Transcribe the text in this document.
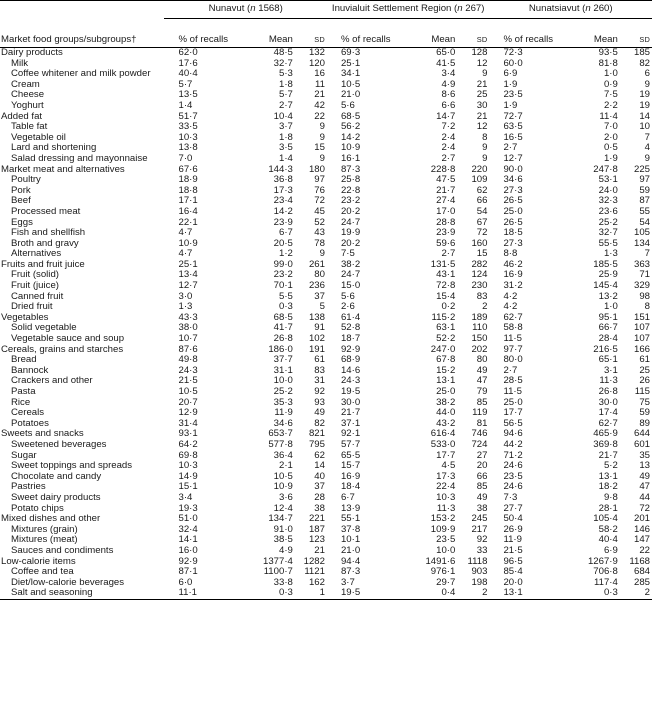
	Nunavut (n 1568)			Inuvialuit Settlement Region (n 267)			Nunatsiavut (n 260)		
Market food groups/subgroups†	% of recalls	Mean	SD	% of recalls	Mean	SD	% of recalls	Mean	SD
Dairy products	62·0	48·5	132	69·3	65·0	128	72·3	93·5	185
Milk	17·6	32·7	120	25·1	41·5	12	60·0	81·8	82
Coffee whitener and milk powder	40·4	5·3	16	34·1	3·4	9	6·9	1·0	6
Cream	5·7	1·8	11	10·5	4·9	21	1·9	0·9	9
Cheese	13·5	5·7	21	21·0	8·6	25	23·5	7·5	19
Yoghurt	1·4	2·7	42	5·6	6·6	30	1·9	2·2	19
Added fat	51·7	10·4	22	68·5	14·7	21	72·7	11·4	14
Table fat	33·5	3·7	9	56·2	7·2	12	63·5	7·0	10
Vegetable oil	10·3	1·8	9	14·2	2·4	8	16·5	2·0	7
Lard and shortening	13·8	3·5	15	10·9	2·4	9	2·7	0·5	4
Salad dressing and mayonnaise	7·0	1·4	9	16·1	2·7	9	12·7	1·9	9
Market meat and alternatives	67·6	144·3	180	87·3	228·8	220	90·0	247·8	225
Poultry	18·9	36·8	97	25·8	47·5	109	34·6	53·1	97
Pork	18·8	17·3	76	22·8	21·7	62	27·3	24·0	59
Beef	17·1	23·4	72	23·2	27·4	66	26·5	32·3	87
Processed meat	16·4	14·2	45	20·2	17·0	54	25·0	23·6	55
Eggs	22·1	23·9	52	24·7	28·8	67	26·5	25·2	54
Fish and shellfish	4·7	6·7	43	19·9	23·9	72	18·5	32·7	105
Broth and gravy	10·9	20·5	78	20·2	59·6	160	27·3	55·5	134
Alternatives	4·7	1·2	9	7·5	2·7	15	8·8	1·3	7
Fruits and fruit juice	25·1	99·0	261	38·2	131·5	282	46·2	185·5	363
Fruit (solid)	13·4	23·2	80	24·7	43·1	124	16·9	25·9	71
Fruit (juice)	12·7	70·1	236	15·0	72·8	230	31·2	145·4	329
Canned fruit	3·0	5·5	37	5·6	15·4	83	4·2	13·2	98
Dried fruit	1·3	0·3	5	2·6	0·2	2	4·2	1·0	8
Vegetables	43·3	68·5	138	61·4	115·2	189	62·7	95·1	151
Solid vegetable	38·0	41·7	91	52·8	63·1	110	58·8	66·7	107
Vegetable sauce and soup	10·7	26·8	102	18·7	52·2	150	11·5	28·4	107
Cereals, grains and starches	87·6	186·0	191	92·9	247·0	202	97·7	216·5	166
Bread	49·8	37·7	61	68·9	67·8	80	80·0	65·1	61
Bannock	24·3	31·1	83	14·6	15·2	49	2·7	3·1	25
Crackers and other	21·5	10·0	31	24·3	13·1	47	28·5	11·3	26
Pasta	10·5	25·2	92	19·5	25·0	79	11·5	26·8	115
Rice	20·7	35·3	93	30·0	38·2	85	25·0	30·0	75
Cereals	12·9	11·9	49	21·7	44·0	119	17·7	17·4	59
Potatoes	31·4	34·6	82	37·1	43·2	81	56·5	62·7	89
Sweets and snacks	93·1	653·7	821	92·1	616·4	746	94·6	465·9	644
Sweetened beverages	64·2	577·8	795	57·7	533·0	724	44·2	369·8	601
Sugar	69·8	36·4	62	65·5	17·7	27	71·2	21·7	35
Sweet toppings and spreads	10·3	2·1	14	15·7	4·5	20	24·6	5·2	13
Chocolate and candy	14·9	10·5	40	16·9	17·3	66	23·5	13·1	49
Pastries	15·1	10·9	37	18·4	22·4	85	24·6	18·2	47
Sweet dairy products	3·4	3·6	28	6·7	10·3	49	7·3	9·8	44
Potato chips	19·3	12·4	38	13·9	11·3	38	27·7	28·1	72
Mixed dishes and other	51·0	134·7	221	55·1	153·2	245	50·4	105·4	201
Mixtures (grain)	32·4	91·0	187	37·8	109·9	217	26·9	58·2	146
Mixtures (meat)	14·1	38·5	123	10·1	23·5	92	11·9	40·4	147
Sauces and condiments	16·0	4·9	21	21·0	10·0	33	21·5	6·9	22
Low-calorie items	92·9	1377·4	1282	94·4	1491·6	1118	96·5	1267·9	1168
Coffee and tea	87·1	1100·7	1121	87·3	976·1	903	85·4	706·8	684
Diet/low-calorie beverages	6·0	33·8	162	3·7	29·7	198	20·0	117·4	285
Salt and seasoning	11·1	0·3	1	19·5	0·4	2	13·1	0·3	2
